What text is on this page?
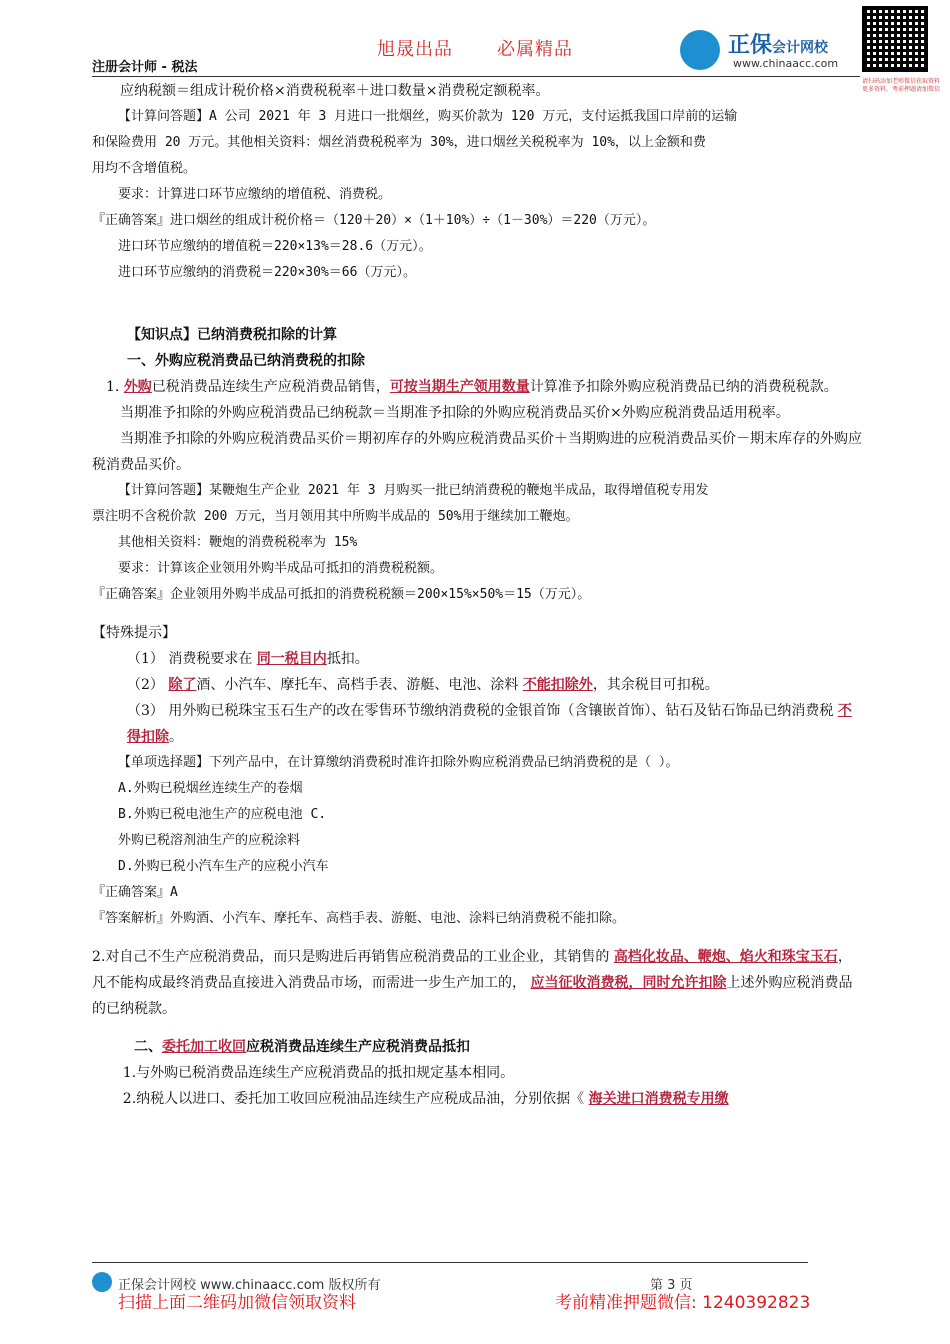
旭晟出品 必属精品
注册会计师 - 税法
正保会计网校
www.chinaacc.com
请扫码添加老师微信获取资料
更多资料，考前押题请加微信
应纳税额＝组成计税价格×消费税税率＋进口数量×消费税定额税率。
【计算问答题】A 公司 2021 年 3 月进口一批烟丝，购买价款为 120 万元，支付运抵我国口岸前的运输
和保险费用 20 万元。其他相关资料：烟丝消费税税率为 30%，进口烟丝关税税率为 10%，以上金额和费
用均不含增值税。
要求：计算进口环节应缴纳的增值税、消费税。
『正确答案』进口烟丝的组成计税价格＝（120＋20）×（1＋10%）÷（1－30%）＝220（万元）。
进口环节应缴纳的增值税＝220×13%＝28.6（万元）。
进口环节应缴纳的消费税＝220×30%＝66（万元）。
【知识点】已纳消费税扣除的计算
一、外购应税消费品已纳消费税的扣除

1. 外购已税消费品连续生产应税消费品销售，可按当期生产领用数量计算准予扣除外购应税消费品已纳的消费税税款。

当期准予扣除的外购应税消费品已纳税款＝当期准予扣除的外购应税消费品买价×外购应税消费品适用税率。

当期准予扣除的外购应税消费品买价＝期初库存的外购应税消费品买价＋当期购进的应税消费品买价－期末库存的外购应税消费品买价。

【计算问答题】某鞭炮生产企业 2021 年 3 月购买一批已纳消费税的鞭炮半成品，取得增值税专用发
票注明不含税价款 200 万元，当月领用其中所购半成品的 50%用于继续加工鞭炮。
其他相关资料：鞭炮的消费税税率为 15%
要求：计算该企业领用外购半成品可抵扣的消费税税额。
『正确答案』企业领用外购半成品可抵扣的消费税税额＝200×15%×50%＝15（万元）。
【特殊提示】
（1） 消费税要求在 同一税目内抵扣。
（2） 除了酒、小汽车、摩托车、高档手表、游艇、电池、涂料 不能扣除外，其余税目可扣税。

（3） 用外购已税珠宝玉石生产的改在零售环节缴纳消费税的金银首饰（含镶嵌首饰）、钻石及钻石饰品已纳消费税 不得扣除。

【单项选择题】下列产品中，在计算缴纳消费税时准许扣除外购应税消费品已纳消费税的是（ ）。
A.外购已税烟丝连续生产的卷烟
B.外购已税电池生产的应税电池 C.
外购已税溶剂油生产的应税涂料
D.外购已税小汽车生产的应税小汽车
『正确答案』A
『答案解析』外购酒、小汽车、摩托车、高档手表、游艇、电池、涂料已纳消费税不能扣除。

2.对自己不生产应税消费品，而只是购进后再销售应税消费品的工业企业，其销售的 高档化妆品、鞭炮、焰火和珠宝玉石，凡不能构成最终消费品直接进入消费品市场，而需进一步生产加工的， 应当征收消费税，同时允许扣除上述外购应税消费品的已纳税款。

二、委托加工收回应税消费品连续生产应税消费品抵扣
1.与外购已税消费品连续生产应税消费品的抵扣规定基本相同。
2.纳税人以进口、委托加工收回应税油品连续生产应税成品油，分别依据《 海关进口消费税专用缴
正保会计网校 www.chinaacc.com 版权所有	第 3 页
扫描上面二维码加微信领取资料	考前精准押题微信: 1240392823
